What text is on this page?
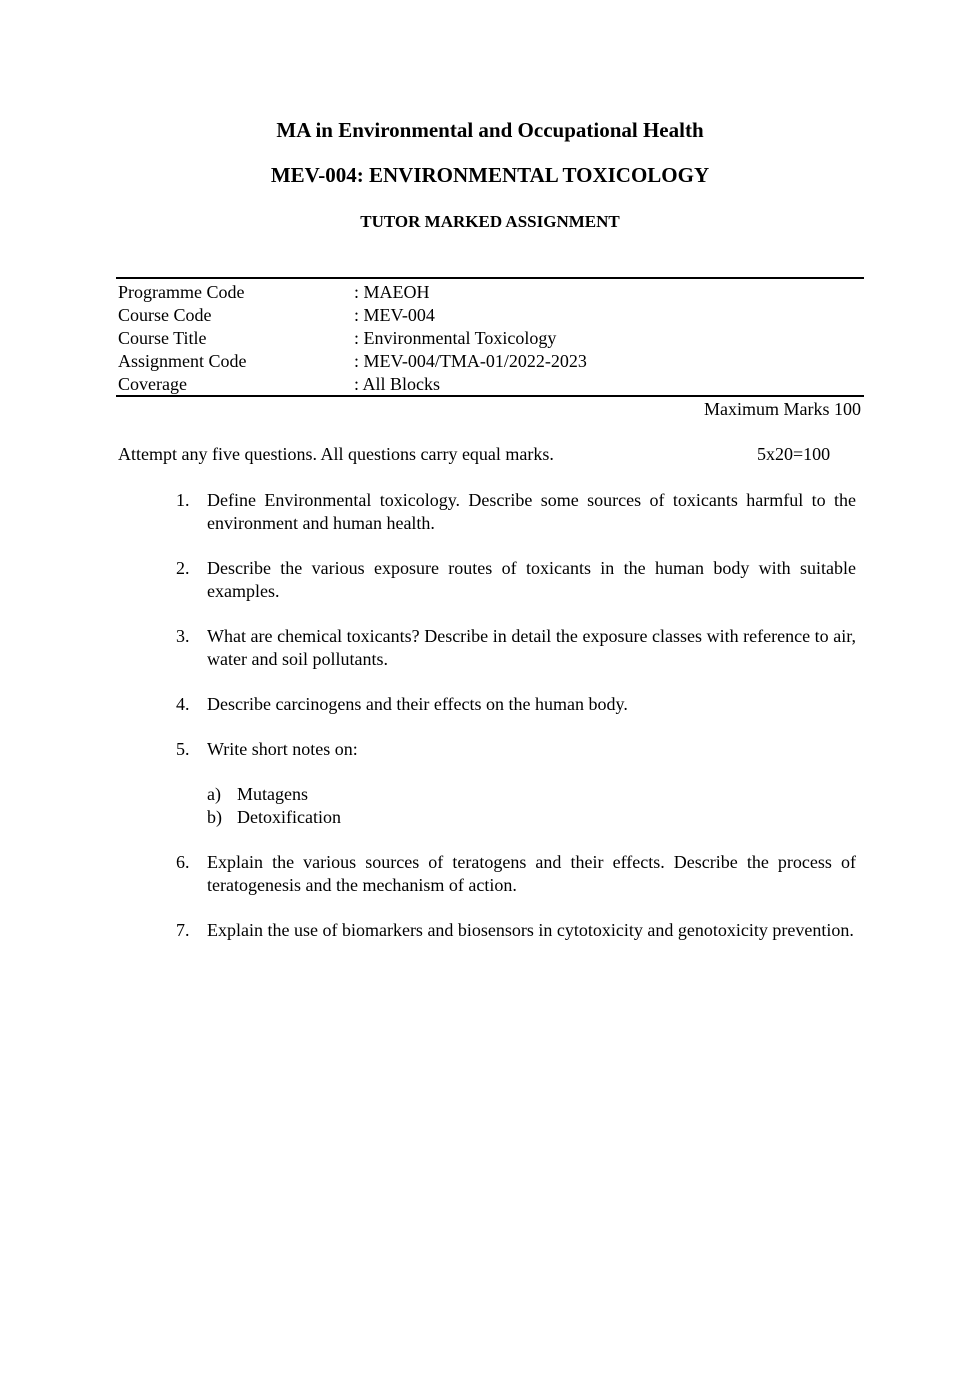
MA in Environmental and Occupational Health
MEV-004: ENVIRONMENTAL TOXICOLOGY
TUTOR MARKED ASSIGNMENT
Programme Code	: MAEOH
Course Code	: MEV-004
Course Title	: Environmental Toxicology
Assignment Code	: MEV-004/TMA-01/2022-2023
Coverage	: All Blocks
Maximum Marks 100
Attempt any five questions. All questions carry equal marks.	5x20=100
1. Define Environmental toxicology. Describe some sources of toxicants harmful to the environment and human health.
2. Describe the various exposure routes of toxicants in the human body with suitable examples.
3. What are chemical toxicants? Describe in detail the exposure classes with reference to air, water and soil pollutants.
4. Describe carcinogens and their effects on the human body.
5. Write short notes on:
a) Mutagens
b) Detoxification
6. Explain the various sources of teratogens and their effects. Describe the process of teratogenesis and the mechanism of action.
7. Explain the use of biomarkers and biosensors in cytotoxicity and genotoxicity prevention.
